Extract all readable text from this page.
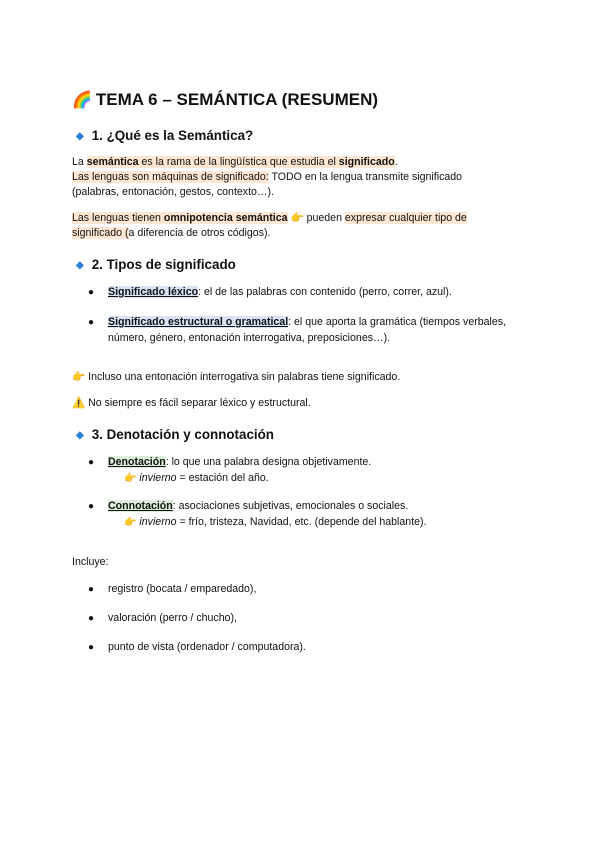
🌈 TEMA 6 – SEMÁNTICA (RESUMEN)
◆ 1. ¿Qué es la Semántica?
La semántica es la rama de la lingüística que estudia el significado.
Las lenguas son máquinas de significado: TODO en la lengua transmite significado
(palabras, entonación, gestos, contexto…).
Las lenguas tienen omnipotencia semántica 👉 pueden expresar cualquier tipo de
significado (a diferencia de otros códigos).
◆ 2. Tipos de significado
● Significado léxico: el de las palabras con contenido (perro, correr, azul).
● Significado estructural o gramatical: el que aporta la gramática (tiempos verbales,
número, género, entonación interrogativa, preposiciones…).
👉 Incluso una entonación interrogativa sin palabras tiene significado.
⚠️ No siempre es fácil separar léxico y estructural.
◆ 3. Denotación y connotación
● Denotación: lo que una palabra designa objetivamente.
👉 invierno = estación del año.
● Connotación: asociaciones subjetivas, emocionales o sociales.
👉 invierno = frío, tristeza, Navidad, etc. (depende del hablante).
Incluye:
● registro (bocata / emparedado),
● valoración (perro / chucho),
● punto de vista (ordenador / computadora).
